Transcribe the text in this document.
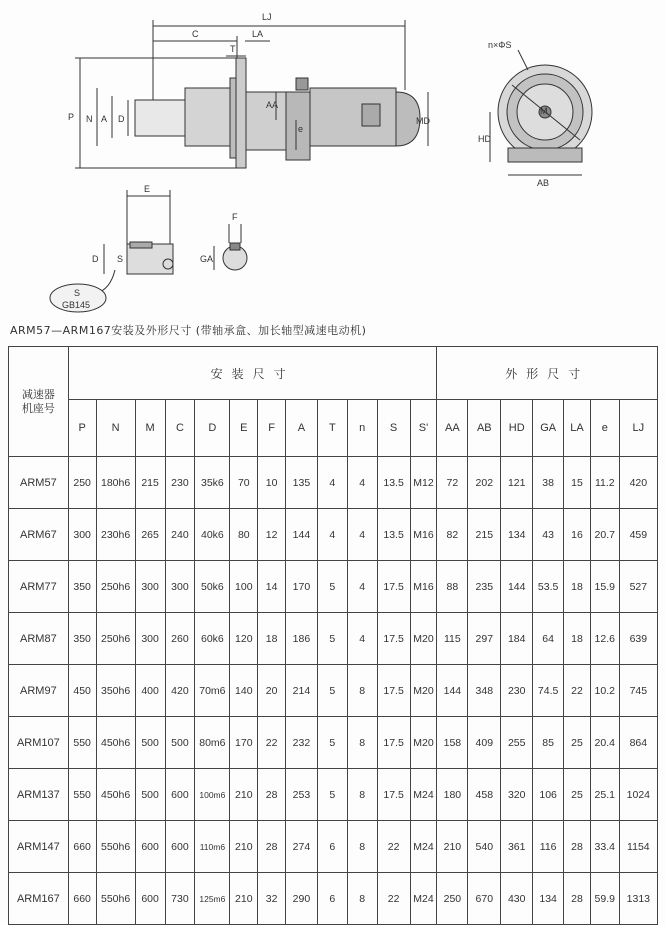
LJ
C
T
LA
P N A D
AA
e
MD
n×ΦS
M
HD
AB
E
F
GA
D S
S
GB145
ARM57—ARM167安装及外形尺寸 (带轴承盒、加长轴型减速电动机)
减速器
机座号	安装尺寸												外形尺寸						
	P	N	M	C	D	E	F	A	T	n	S	S'	AA	AB	HD	GA	LA	e	LJ
ARM57	250	180h6	215	230	35k6	70	10	135	4	4	13.5	M12	72	202	121	38	15	11.2	420
ARM67	300	230h6	265	240	40k6	80	12	144	4	4	13.5	M16	82	215	134	43	16	20.7	459
ARM77	350	250h6	300	300	50k6	100	14	170	5	4	17.5	M16	88	235	144	53.5	18	15.9	527
ARM87	350	250h6	300	260	60k6	120	18	186	5	4	17.5	M20	115	297	184	64	18	12.6	639
ARM97	450	350h6	400	420	70m6	140	20	214	5	8	17.5	M20	144	348	230	74.5	22	10.2	745
ARM107	550	450h6	500	500	80m6	170	22	232	5	8	17.5	M20	158	409	255	85	25	20.4	864
ARM137	550	450h6	500	600	100m6	210	28	253	5	8	17.5	M24	180	458	320	106	25	25.1	1024
ARM147	660	550h6	600	600	110m6	210	28	274	6	8	22	M24	210	540	361	116	28	33.4	1154
ARM167	660	550h6	600	730	125m6	210	32	290	6	8	22	M24	250	670	430	134	28	59.9	1313
